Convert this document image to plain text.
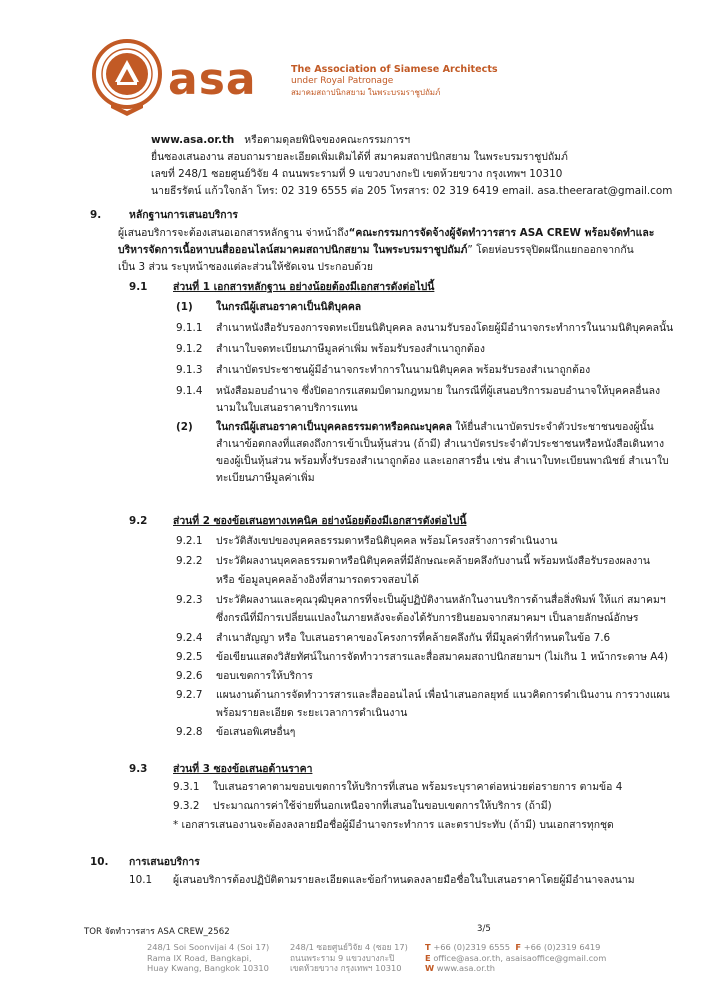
asa	The Association of Siamese Architects
under Royal Patronage
สมาคมสถาปนิกสยาม ในพระบรมราชูปถัมภ์
www.asa.or.th หรือตามดุลยพินิจของคณะกรรมการฯ
ยื่นซองเสนองาน สอบถามรายละเอียดเพิ่มเติมได้ที่ สมาคมสถาปนิกสยาม ในพระบรมราชูปถัมภ์
เลขที่ 248/1 ซอยศูนย์วิจัย 4 ถนนพระรามที่ 9 แขวงบางกะปิ เขตห้วยขวาง กรุงเทพฯ 10310
นายธีรรัตน์ แก้วใจกล้า โทร: 02 319 6555 ต่อ 205 โทรสาร: 02 319 6419 email. asa.theerarat@gmail.com
9.	หลักฐานการเสนอบริการ
ผู้เสนอบริการจะต้องเสนอเอกสารหลักฐาน จ่าหน้าถึง“คณะกรรมการจัดจ้างผู้จัดทำวารสาร ASA CREW พร้อมจัดทำและ
บริหารจัดการเนื้อหาบนสื่อออนไลน์สมาคมสถาปนิกสยาม ในพระบรมราชูปถัมภ์” โดยห่อบรรจุปิดผนึกแยกออกจากกัน
เป็น 3 ส่วน ระบุหน้าซองแต่ละส่วนให้ชัดเจน ประกอบด้วย
9.1 ส่วนที่ 1 เอกสารหลักฐาน อย่างน้อยต้องมีเอกสารดังต่อไปนี้
(1) ในกรณีผู้เสนอราคาเป็นนิติบุคคล
9.1.1 สำเนาหนังสือรับรองการจดทะเบียนนิติบุคคล ลงนามรับรองโดยผู้มีอำนาจกระทำการในนามนิติบุคคลนั้น
9.1.2 สำเนาใบจดทะเบียนภาษีมูลค่าเพิ่ม พร้อมรับรองสำเนาถูกต้อง
9.1.3 สำเนาบัตรประชาชนผู้มีอำนาจกระทำการในนามนิติบุคคล พร้อมรับรองสำเนาถูกต้อง
9.1.4 หนังสือมอบอำนาจ ซึ่งปิดอากรแสตมป์ตามกฎหมาย ในกรณีที่ผู้เสนอบริการมอบอำนาจให้บุคคลอื่นลง
นามในใบเสนอราคาบริการแทน
(2) ในกรณีผู้เสนอราคาเป็นบุคคลธรรมดาหรือคณะบุคคล ให้ยื่นสำเนาบัตรประจำตัวประชาชนของผู้นั้น
สำเนาข้อตกลงที่แสดงถึงการเข้าเป็นหุ้นส่วน (ถ้ามี) สำเนาบัตรประจำตัวประชาชนหรือหนังสือเดินทาง
ของผู้เป็นหุ้นส่วน พร้อมทั้งรับรองสำเนาถูกต้อง และเอกสารอื่น เช่น สำเนาใบทะเบียนพาณิชย์ สำเนาใบ
ทะเบียนภาษีมูลค่าเพิ่ม
9.2 ส่วนที่ 2 ซองข้อเสนอทางเทคนิค อย่างน้อยต้องมีเอกสารดังต่อไปนี้
9.2.1 ประวัติสังเขปของบุคคลธรรมดาหรือนิติบุคคล พร้อมโครงสร้างการดำเนินงาน
9.2.2 ประวัติผลงานบุคคลธรรมดาหรือนิติบุคคลที่มีลักษณะคล้ายคลึงกับงานนี้ พร้อมหนังสือรับรองผลงาน
หรือ ข้อมูลบุคคลอ้างอิงที่สามารถตรวจสอบได้
9.2.3 ประวัติผลงานและคุณวุฒิบุคลากรที่จะเป็นผู้ปฏิบัติงานหลักในงานบริการด้านสื่อสิ่งพิมพ์ ให้แก่ สมาคมฯ
ซึ่งกรณีที่มีการเปลี่ยนแปลงในภายหลังจะต้องได้รับการยินยอมจากสมาคมฯ เป็นลายลักษณ์อักษร
9.2.4 สำเนาสัญญา หรือ ใบเสนอราคาของโครงการที่คล้ายคลึงกัน ที่มีมูลค่าที่กำหนดในข้อ 7.6
9.2.5 ข้อเขียนแสดงวิสัยทัศน์ในการจัดทำวารสารและสื่อสมาคมสถาปนิกสยามฯ (ไม่เกิน 1 หน้ากระดาษ A4)
9.2.6 ขอบเขตการให้บริการ
9.2.7 แผนงานด้านการจัดทำวารสารและสื่อออนไลน์ เพื่อนำเสนอกลยุทธ์ แนวคิดการดำเนินงาน การวางแผน
พร้อมรายละเอียด ระยะเวลาการดำเนินงาน
9.2.8 ข้อเสนอพิเศษอื่นๆ
9.3 ส่วนที่ 3 ซองข้อเสนอด้านราคา
9.3.1 ใบเสนอราคาตามขอบเขตการให้บริการที่เสนอ พร้อมระบุราคาต่อหน่วยต่อรายการ ตามข้อ 4
9.3.2 ประมาณการค่าใช้จ่ายที่นอกเหนือจากที่เสนอในขอบเขตการให้บริการ (ถ้ามี)
* เอกสารเสนองานจะต้องลงลายมือชื่อผู้มีอำนาจกระทำการ และตราประทับ (ถ้ามี) บนเอกสารทุกชุด
10. การเสนอบริการ
10.1 ผู้เสนอบริการต้องปฏิบัติตามรายละเอียดและข้อกำหนดลงลายมือชื่อในใบเสนอราคาโดยผู้มีอำนาจลงนาม
TOR จัดทำวารสาร ASA CREW_2562	3/5
248/1 Soi Soonvijai 4 (Soi 17)
Rama IX Road, Bangkapi,
Huay Kwang, Bangkok 10310
248/1 ซอยศูนย์วิจัย 4 (ซอย 17)
ถนนพระราม 9 แขวงบางกะปิ
เขตห้วยขวาง กรุงเทพฯ 10310
T +66 (0)2319 6555 F +66 (0)2319 6419
E office@asa.or.th, asaisaoffice@gmail.com
W www.asa.or.th
